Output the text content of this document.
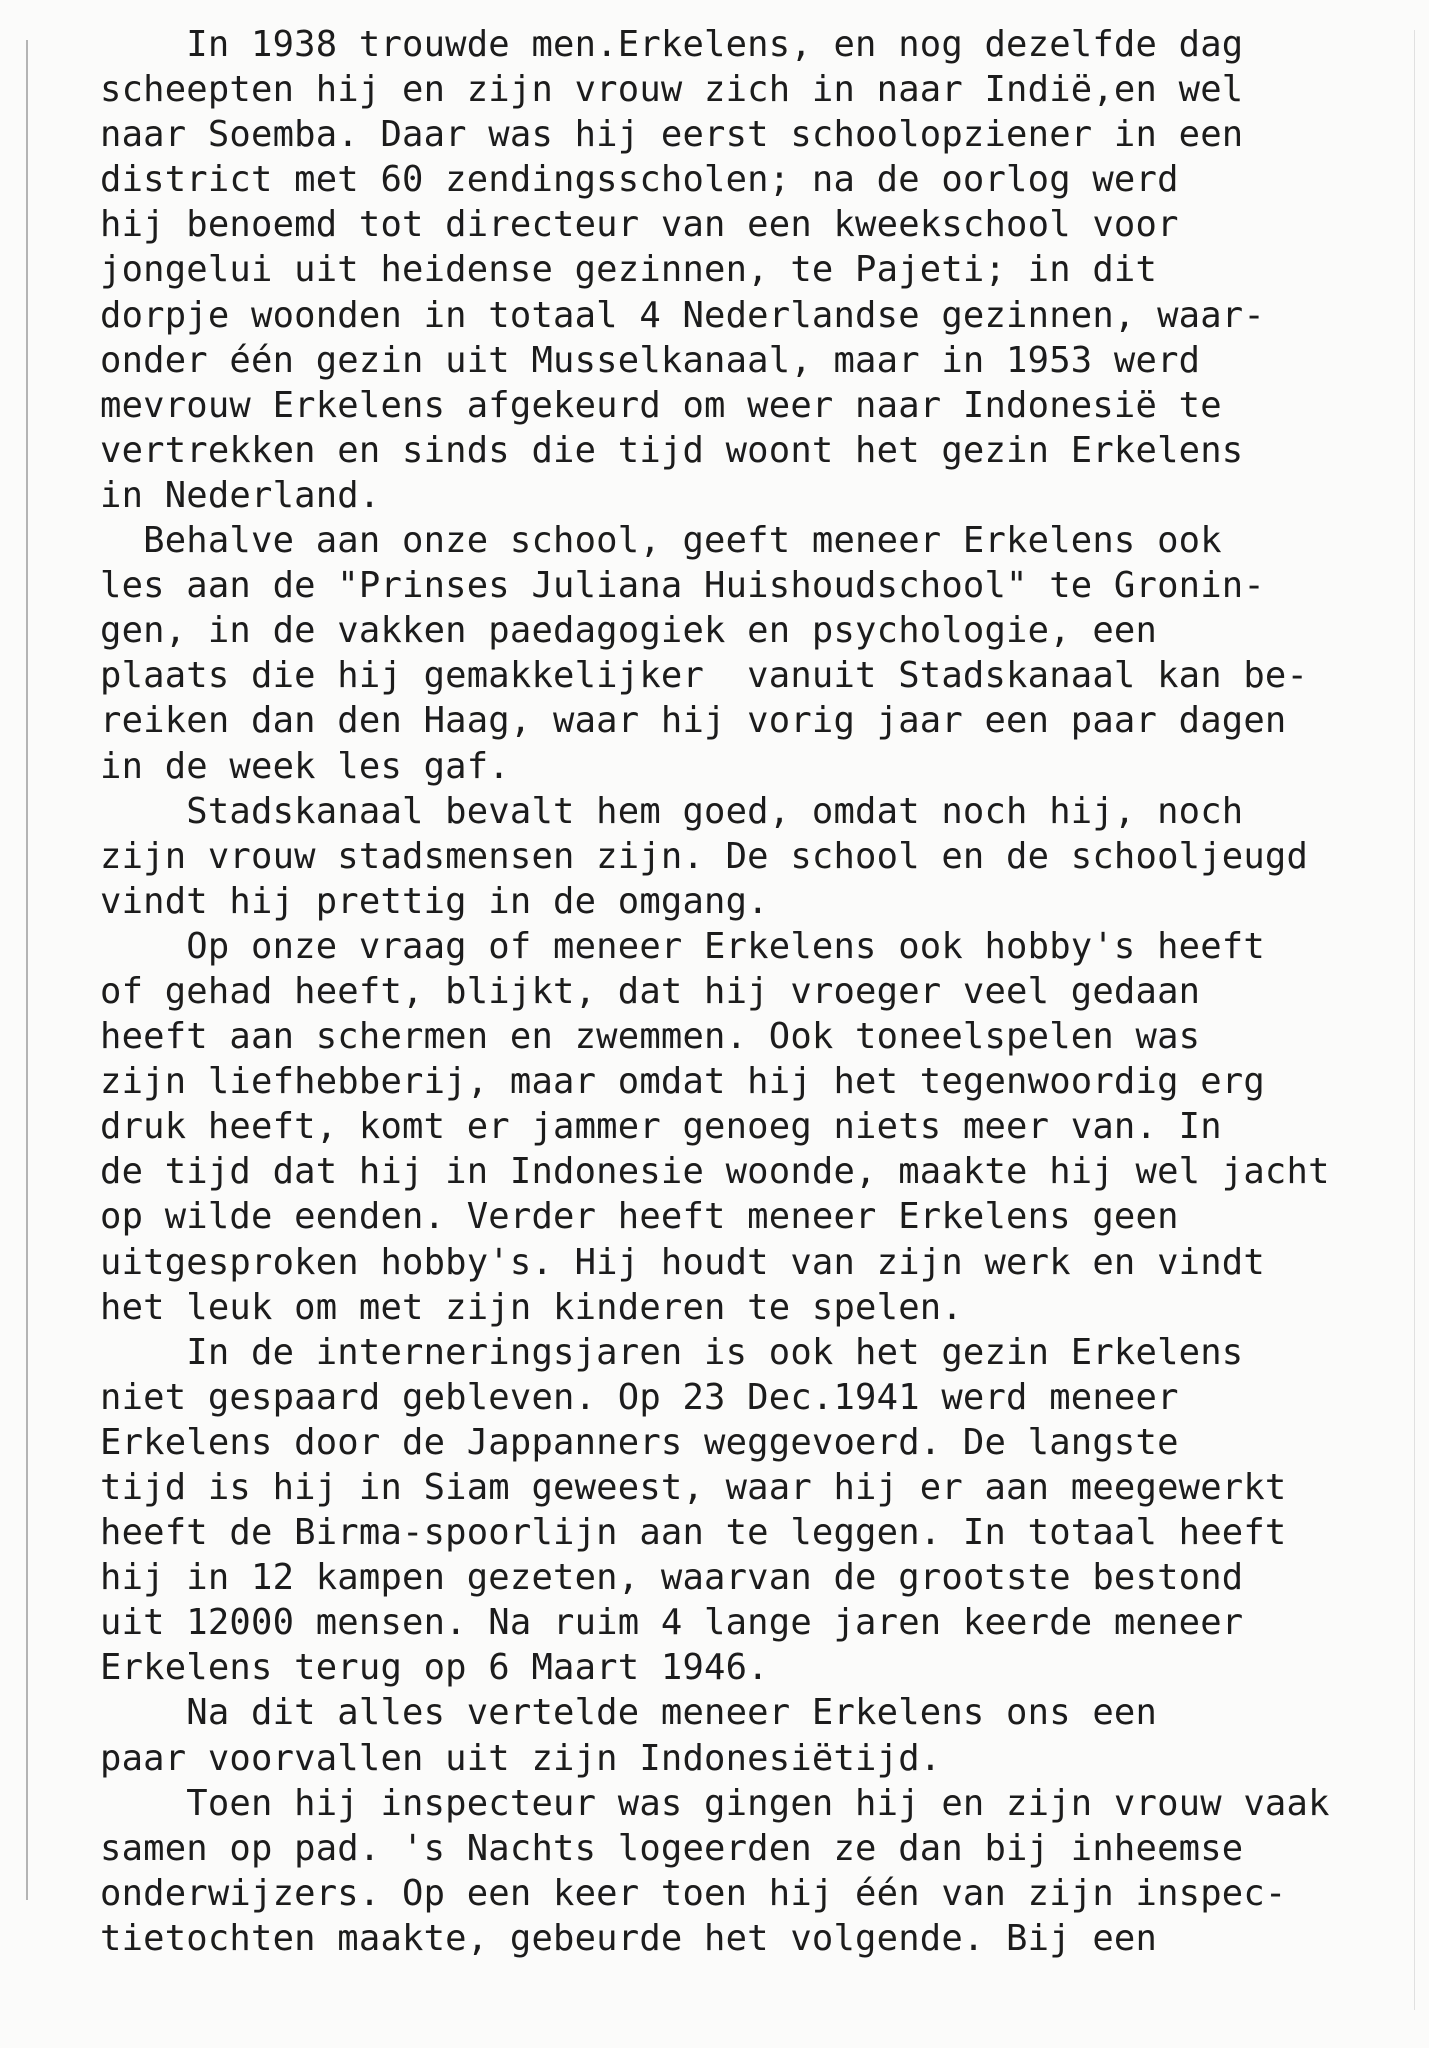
In 1938 trouwde men.Erkelens, en nog dezelfde dag
scheepten hij en zijn vrouw zich in naar Indië,en wel
naar Soemba. Daar was hij eerst schoolopziener in een
district met 60 zendingsscholen; na de oorlog werd
hij benoemd tot directeur van een kweekschool voor
jongelui uit heidense gezinnen, te Pajeti; in dit
dorpje woonden in totaal 4 Nederlandse gezinnen, waar-
onder één gezin uit Musselkanaal, maar in 1953 werd
mevrouw Erkelens afgekeurd om weer naar Indonesië te
vertrekken en sinds die tijd woont het gezin Erkelens
in Nederland.
Behalve aan onze school, geeft meneer Erkelens ook
les aan de "Prinses Juliana Huishoudschool" te Gronin-
gen, in de vakken paedagogiek en psychologie, een
plaats die hij gemakkelijker  vanuit Stadskanaal kan be-
reiken dan den Haag, waar hij vorig jaar een paar dagen
in de week les gaf.
Stadskanaal bevalt hem goed, omdat noch hij, noch
zijn vrouw stadsmensen zijn. De school en de schooljeugd
vindt hij prettig in de omgang.
Op onze vraag of meneer Erkelens ook hobby's heeft
of gehad heeft, blijkt, dat hij vroeger veel gedaan
heeft aan schermen en zwemmen. Ook toneelspelen was
zijn liefhebberij, maar omdat hij het tegenwoordig erg
druk heeft, komt er jammer genoeg niets meer van. In
de tijd dat hij in Indonesie woonde, maakte hij wel jacht
op wilde eenden. Verder heeft meneer Erkelens geen
uitgesproken hobby's. Hij houdt van zijn werk en vindt
het leuk om met zijn kinderen te spelen.
In de interneringsjaren is ook het gezin Erkelens
niet gespaard gebleven. Op 23 Dec.1941 werd meneer
Erkelens door de Jappanners weggevoerd. De langste
tijd is hij in Siam geweest, waar hij er aan meegewerkt
heeft de Birma-spoorlijn aan te leggen. In totaal heeft
hij in 12 kampen gezeten, waarvan de grootste bestond
uit 12000 mensen. Na ruim 4 lange jaren keerde meneer
Erkelens terug op 6 Maart 1946.
Na dit alles vertelde meneer Erkelens ons een
paar voorvallen uit zijn Indonesiëtijd.
Toen hij inspecteur was gingen hij en zijn vrouw vaak
samen op pad. 's Nachts logeerden ze dan bij inheemse
onderwijzers. Op een keer toen hij één van zijn inspec-
tietochten maakte, gebeurde het volgende. Bij een
